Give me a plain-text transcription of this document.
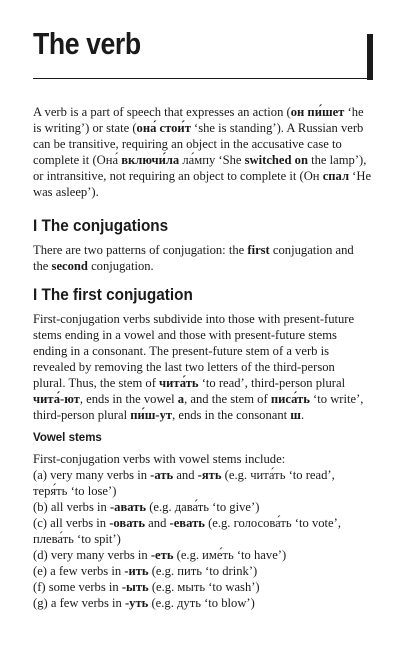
The verb

A verb is a part of speech that expresses an action (он пи́шет ‘he
is writing’) or state (она́ стои́т ‘she is standing’). A Russian verb
can be transitive, requiring an object in the accusative case to
complete it (Она́ включи́ла ла́мпу ‘She switched on the lamp’),
or intransitive, not requiring an object to complete it (Он спал ‘He
was asleep’).

I The conjugations

There are two patterns of conjugation: the first conjugation and
the second conjugation.

I The first conjugation

First-conjugation verbs subdivide into those with present-future
stems ending in a vowel and those with present-future stems
ending in a consonant. The present-future stem of a verb is
revealed by removing the last two letters of the third-person
plural. Thus, the stem of чита́ть ‘to read’, third-person plural
чита́-ют, ends in the vowel а, and the stem of писа́ть ‘to write’,
third-person plural пи́ш-ут, ends in the consonant ш.

Vowel stems

First-conjugation verbs with vowel stems include:
(a) very many verbs in -ать and -ять (e.g. чита́ть ‘to read’,
теря́ть ‘to lose’)
(b) all verbs in -авать (e.g. дава́ть ‘to give’)
(c) all verbs in -овать and -евать (e.g. голосова́ть ‘to vote’,
плева́ть ‘to spit’)
(d) very many verbs in -еть (e.g. име́ть ‘to have’)
(e) a few verbs in -ить (e.g. пить ‘to drink’)
(f) some verbs in -ыть (e.g. мыть ‘to wash’)
(g) a few verbs in -уть (e.g. дуть ‘to blow’)
